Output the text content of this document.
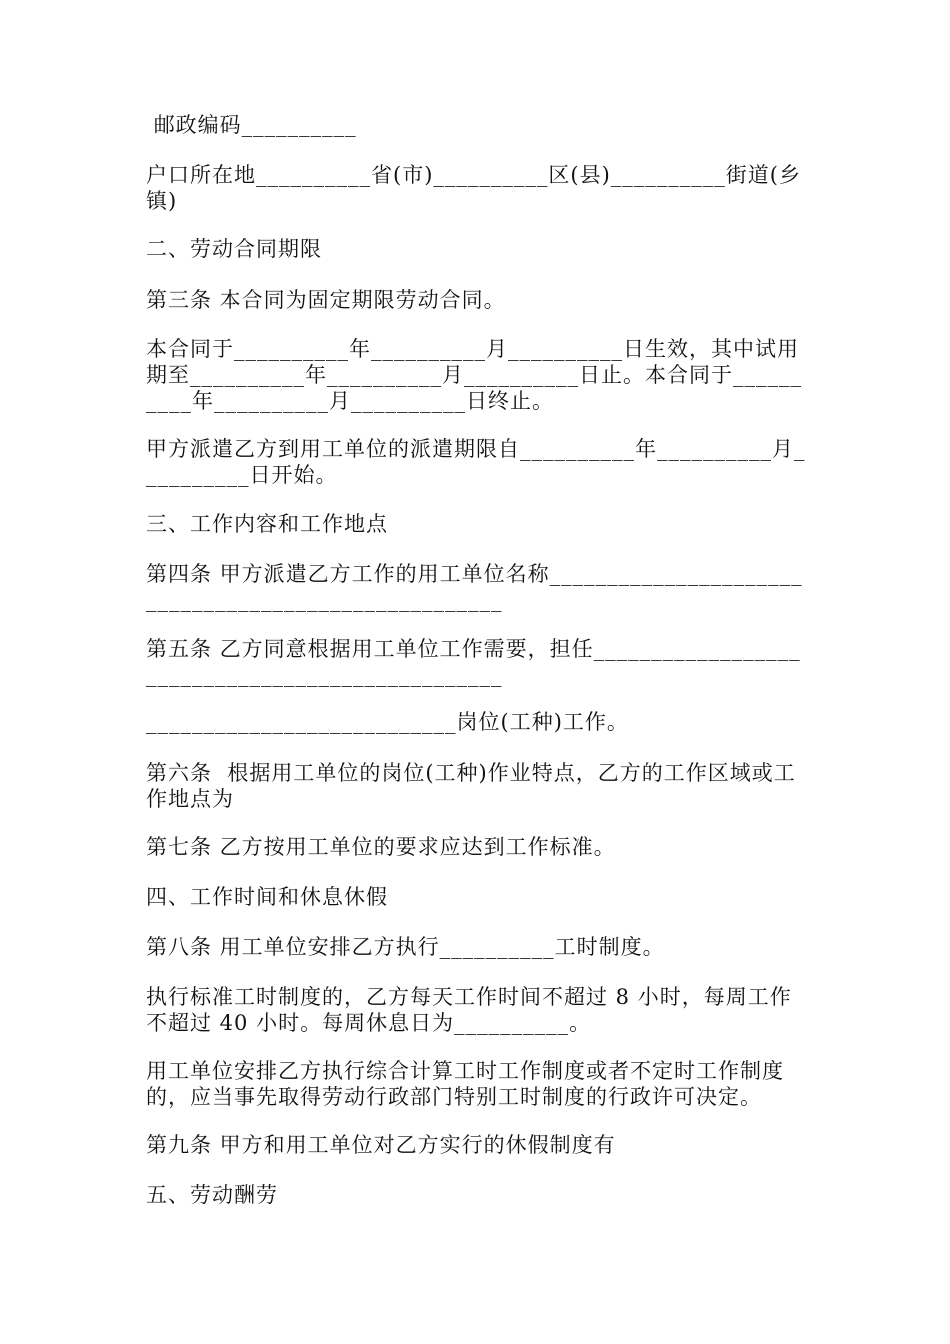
邮政编码__________

户口所在地__________省(市)__________区(县)__________街道(乡镇)

二、劳动合同期限

第三条 本合同为固定期限劳动合同。

本合同于__________年__________月__________日生效，其中试用期至__________年__________月__________日止。本合同于__________年__________月__________日终止。

甲方派遣乙方到用工单位的派遣期限自__________年__________月__________日开始。

三、工作内容和工作地点

第四条 甲方派遣乙方工作的用工单位名称_____________________________________________________

第五条 乙方同意根据用工单位工作需要，担任_________________________________________________

___________________________岗位(工种)工作。

第六条  根据用工单位的岗位(工种)作业特点，乙方的工作区域或工作地点为

第七条 乙方按用工单位的要求应达到工作标准。

四、工作时间和休息休假

第八条 用工单位安排乙方执行__________工时制度。

执行标准工时制度的，乙方每天工作时间不超过 8 小时，每周工作不超过 40 小时。每周休息日为__________。

用工单位安排乙方执行综合计算工时工作制度或者不定时工作制度的，应当事先取得劳动行政部门特别工时制度的行政许可决定。

第九条 甲方和用工单位对乙方实行的休假制度有

五、劳动酬劳
